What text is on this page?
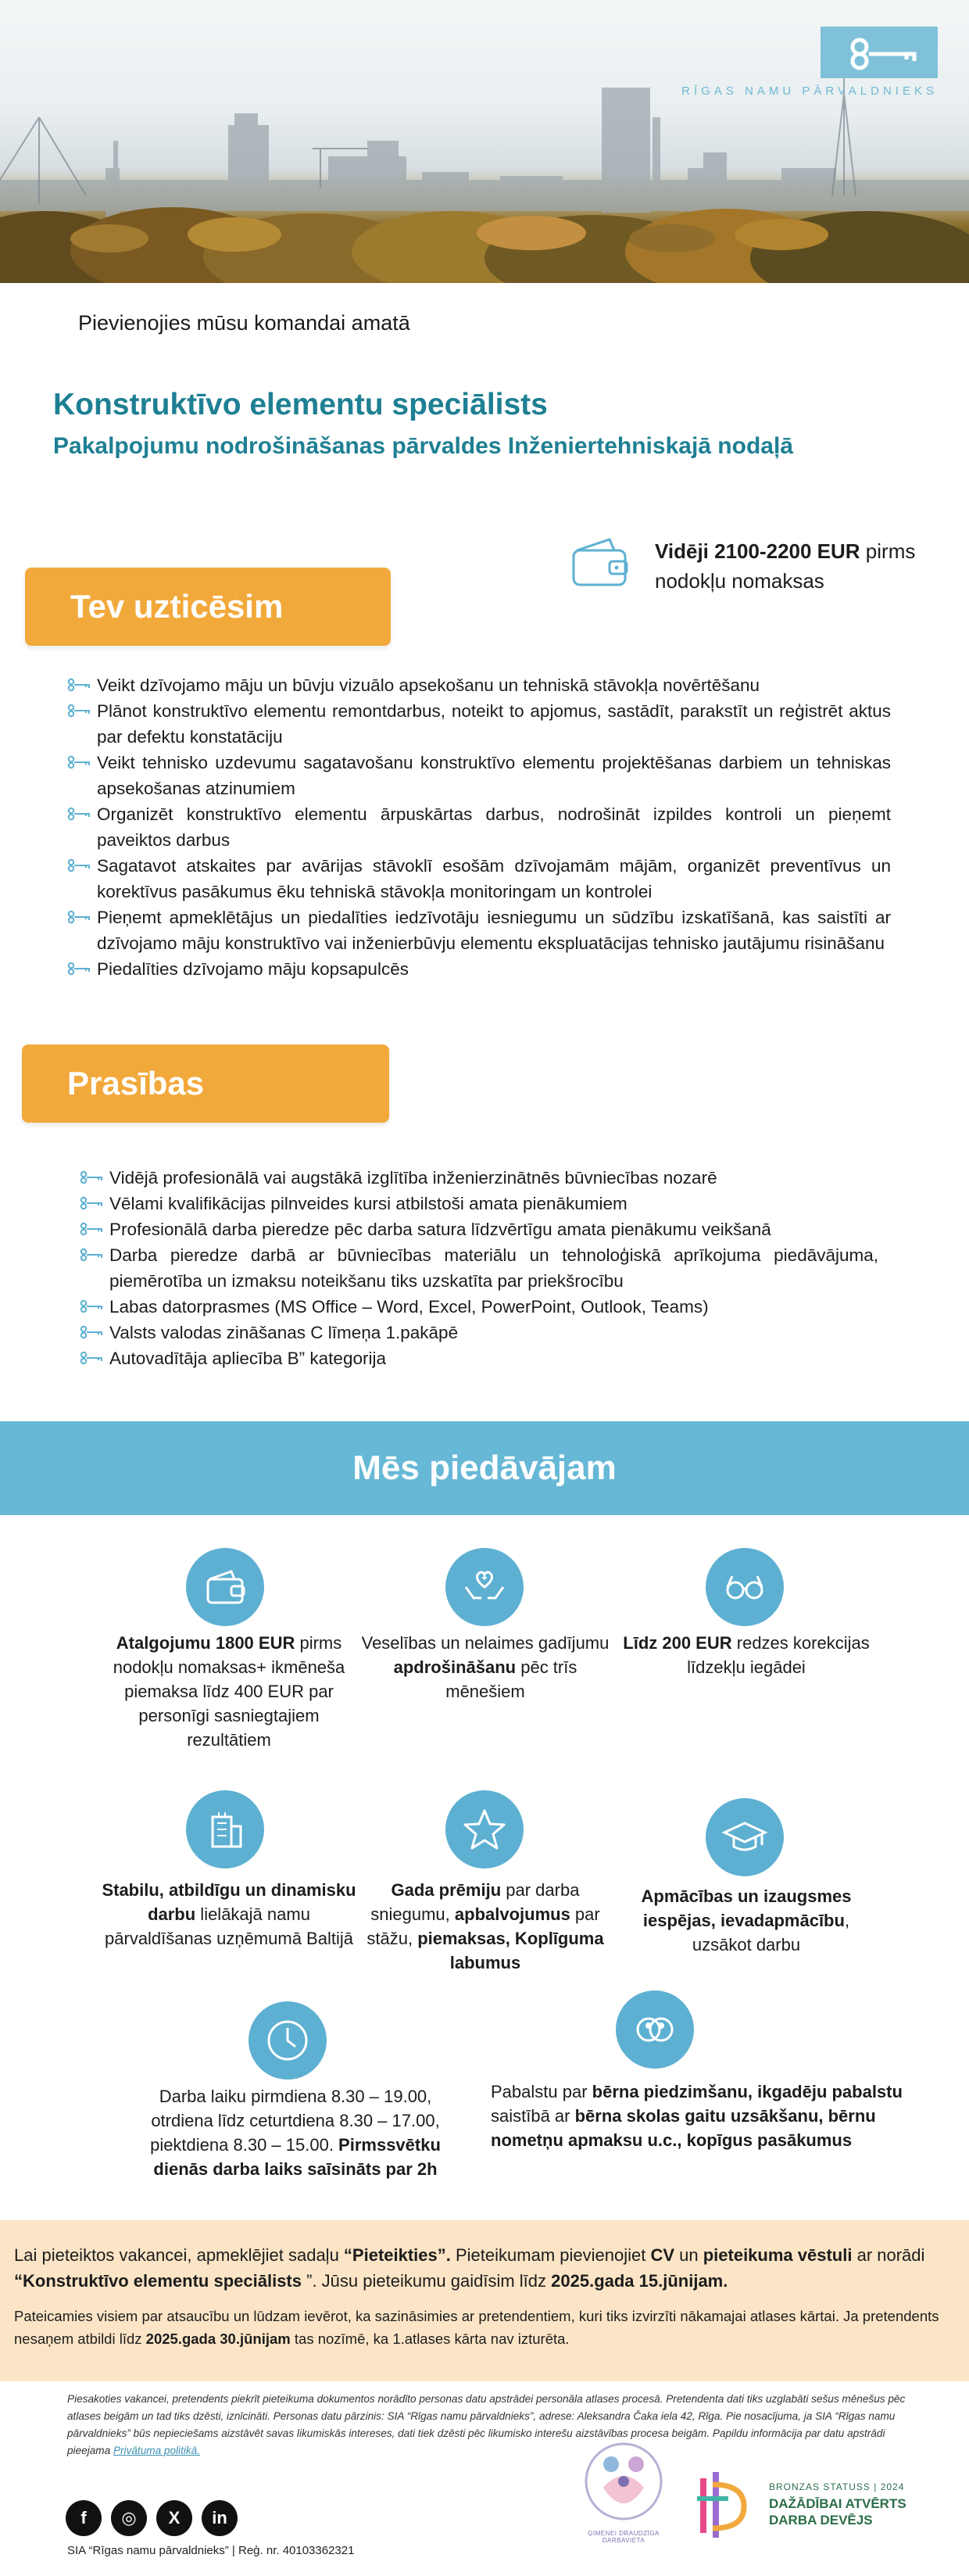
RĪGAS NAMU PĀRVALDNIEKS
Pievienojies mūsu komandai amatā
Konstruktīvo elementu speciālists
Pakalpojumu nodrošināšanas pārvaldes Inženiertehniskajā nodaļā
Vidēji 2100-2200 EUR pirms nodokļu nomaksas
Tev uzticēsim
Veikt dzīvojamo māju un būvju vizuālo apsekošanu un tehniskā stāvokļa novērtēšanu
Plānot konstruktīvo elementu remontdarbus, noteikt to apjomus, sastādīt, parakstīt un reģistrēt aktus par defektu konstatāciju
Veikt tehnisko uzdevumu sagatavošanu konstruktīvo elementu projektēšanas darbiem un tehniskas apsekošanas atzinumiem
Organizēt konstruktīvo elementu ārpuskārtas darbus, nodrošināt izpildes kontroli un pieņemt paveiktos darbus
Sagatavot atskaites par avārijas stāvoklī esošām dzīvojamām mājām, organizēt preventīvus un korektīvus pasākumus ēku tehniskā stāvokļa monitoringam un kontrolei
Pieņemt apmeklētājus un piedalīties iedzīvotāju iesniegumu un sūdzību izskatīšanā, kas saistīti ar dzīvojamo māju konstruktīvo vai inženierbūvju elementu ekspluatācijas tehnisko jautājumu risināšanu
Piedalīties dzīvojamo māju kopsapulcēs
Prasības
Vidējā profesionālā vai augstākā izglītība inženierzinātnēs būvniecības nozarē
Vēlami kvalifikācijas pilnveides kursi atbilstoši amata pienākumiem
Profesionālā darba pieredze pēc darba satura līdzvērtīgu amata pienākumu veikšanā
Darba pieredze darbā ar būvniecības materiālu un tehnoloģiskā aprīkojuma piedāvājuma, piemērotība un izmaksu noteikšanu tiks uzskatīta par priekšrocību
Labas datorprasmes (MS Office – Word, Excel, PowerPoint, Outlook, Teams)
Valsts valodas zināšanas C līmeņa 1.pakāpē
Autovadītāja apliecība B” kategorija
Mēs piedāvājam
Atalgojumu 1800 EUR pirms nodokļu nomaksas+ ikmēneša piemaksa līdz 400 EUR par personīgi sasniegtajiem rezultātiem
Veselības un nelaimes gadījumu apdrošināšanu pēc trīs mēnešiem
Līdz 200 EUR redzes korekcijas līdzekļu iegādei
Stabilu, atbildīgu un dinamisku darbu lielākajā namu pārvaldīšanas uzņēmumā Baltijā
Gada prēmiju par darba sniegumu, apbalvojumus par stāžu, piemaksas, Koplīguma labumus
Apmācības un izaugsmes iespējas, ievadapmācību, uzsākot darbu
Darba laiku pirmdiena 8.30 – 19.00, otrdiena līdz ceturtdiena 8.30 – 17.00, piektdiena 8.30 – 15.00. Pirmssvētku dienās darba laiks saīsināts par 2h
Pabalstu par bērna piedzimšanu, ikgadēju pabalstu saistībā ar bērna skolas gaitu uzsākšanu, bērnu nometņu apmaksu u.c., kopīgus pasākumus

Lai pieteiktos vakancei, apmeklējiet sadaļu “Pieteikties”. Pieteikumam pievienojiet CV un pieteikuma vēstuli ar norādi “Konstruktīvo elementu speciālists ”. Jūsu pieteikumu gaidīsim līdz 2025.gada 15.jūnijam.

Pateicamies visiem par atsaucību un lūdzam ievērot, ka sazināsimies ar pretendentiem, kuri tiks izvirzīti nākamajai atlases kārtai. Ja pretendents nesaņem atbildi līdz 2025.gada 30.jūnijam tas nozīmē, ka 1.atlases kārta nav izturēta.

Piesakoties vakancei, pretendents piekrīt pieteikuma dokumentos norādīto personas datu apstrādei personāla atlases procesā. Pretendenta dati tiks uzglabāti sešus mēnešus pēc atlases beigām un tad tiks dzēsti, iznīcināti. Personas datu pārzinis: SIA “Rīgas namu pārvaldnieks”, adrese: Aleksandra Čaka iela 42, Rīga. Pie nosacījuma, ja SIA “Rīgas namu pārvaldnieks” būs nepieciešams aizstāvēt savas likumiskās intereses, dati tiek dzēsti pēc likumisko interešu aizstāvības procesa beigām. Papildu informācija par datu apstrādi pieejama Privātuma politikā.
f	◎	X	in
SIA “Rīgas namu pārvaldnieks” | Reģ. nr. 40103362321
ĢIMENEI DRAUDZĪGA DARBAVIETA
BRONZAS STATUSS | 2024
DAŽĀDĪBAI ATVĒRTS DARBA DEVĒJS
